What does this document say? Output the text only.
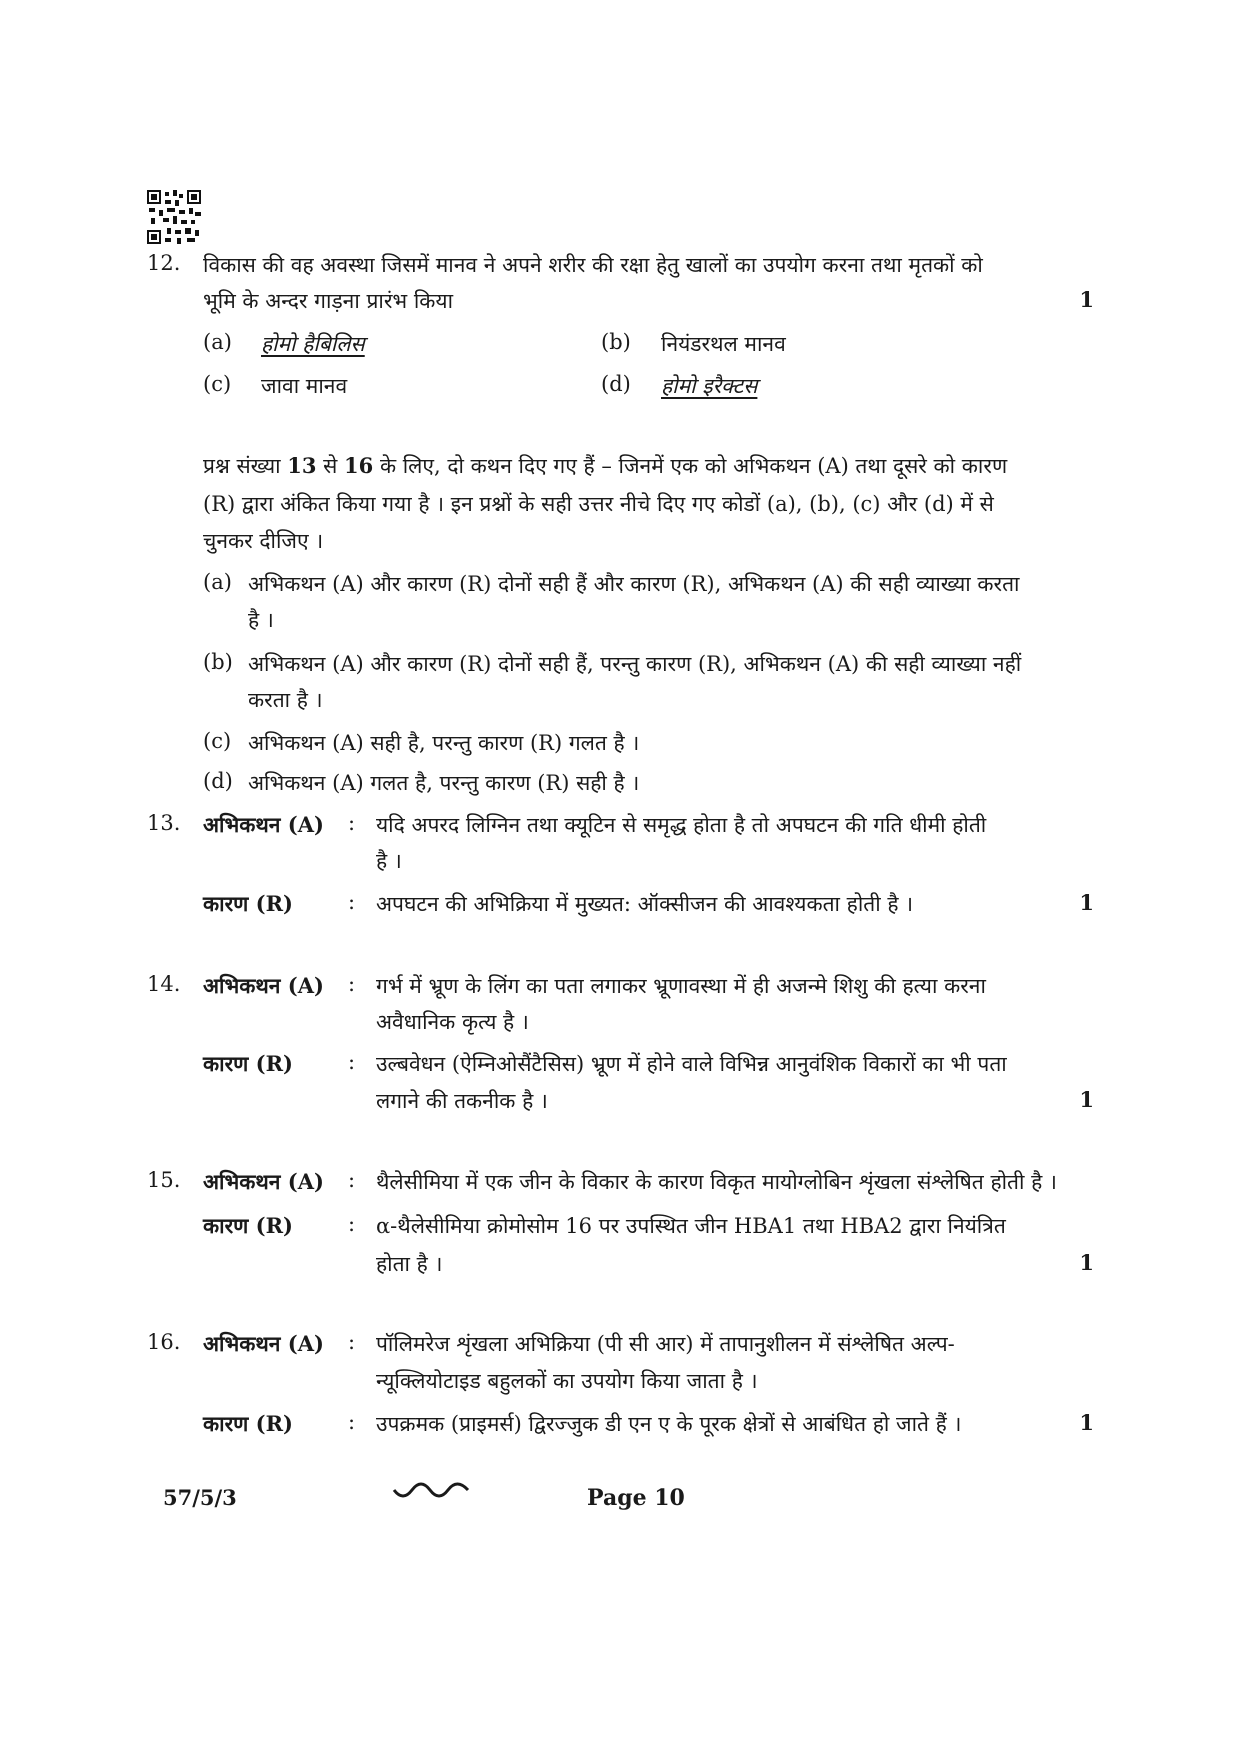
12. विकास की वह अवस्था जिसमें मानव ने अपने शरीर की रक्षा हेतु खालों का उपयोग करना तथा मृतकों को
भूमि के अन्दर गाड़ना प्रारंभ किया	1
(a) होमो हैबिलिस	(b) नियंडरथल मानव
(c) जावा मानव	(d) होमो इरैक्टस
प्रश्न संख्या 13 से 16 के लिए, दो कथन दिए गए हैं – जिनमें एक को अभिकथन (A) तथा दूसरे को कारण
(R) द्वारा अंकित किया गया है । इन प्रश्नों के सही उत्तर नीचे दिए गए कोडों (a), (b), (c) और (d) में से
चुनकर दीजिए ।
(a) अभिकथन (A) और कारण (R) दोनों सही हैं और कारण (R), अभिकथन (A) की सही व्याख्या करता
है ।
(b) अभिकथन (A) और कारण (R) दोनों सही हैं, परन्तु कारण (R), अभिकथन (A) की सही व्याख्या नहीं
करता है ।
(c) अभिकथन (A) सही है, परन्तु कारण (R) गलत है ।
(d) अभिकथन (A) गलत है, परन्तु कारण (R) सही है ।
13. अभिकथन (A) : यदि अपरद लिग्निन तथा क्यूटिन से समृद्ध होता है तो अपघटन की गति धीमी होती
है ।
कारण (R)	: अपघटन की अभिक्रिया में मुख्यत: ऑक्सीजन की आवश्यकता होती है ।	1
14. अभिकथन (A) : गर्भ में भ्रूण के लिंग का पता लगाकर भ्रूणावस्था में ही अजन्मे शिशु की हत्या करना
अवैधानिक कृत्य है ।
कारण (R)	: उल्बवेधन (ऐम्निओसैंटैसिस) भ्रूण में होने वाले विभिन्न आनुवंशिक विकारों का भी पता
लगाने की तकनीक है ।	1
15. अभिकथन (A) : थैलेसीमिया में एक जीन के विकार के कारण विकृत मायोग्लोबिन शृंखला संश्लेषित होती है ।
कारण (R)	: α-थैलेसीमिया क्रोमोसोम 16 पर उपस्थित जीन HBA1 तथा HBA2 द्वारा नियंत्रित
होता है ।	1
16. अभिकथन (A) : पॉलिमरेज शृंखला अभिक्रिया (पी सी आर) में तापानुशीलन में संश्लेषित अल्प-
न्यूक्लियोटाइड बहुलकों का उपयोग किया जाता है ।
कारण (R)	: उपक्रमक (प्राइमर्स) द्विरज्जुक डी एन ए के पूरक क्षेत्रों से आबंधित हो जाते हैं ।	1
57/5/3	Page 10
